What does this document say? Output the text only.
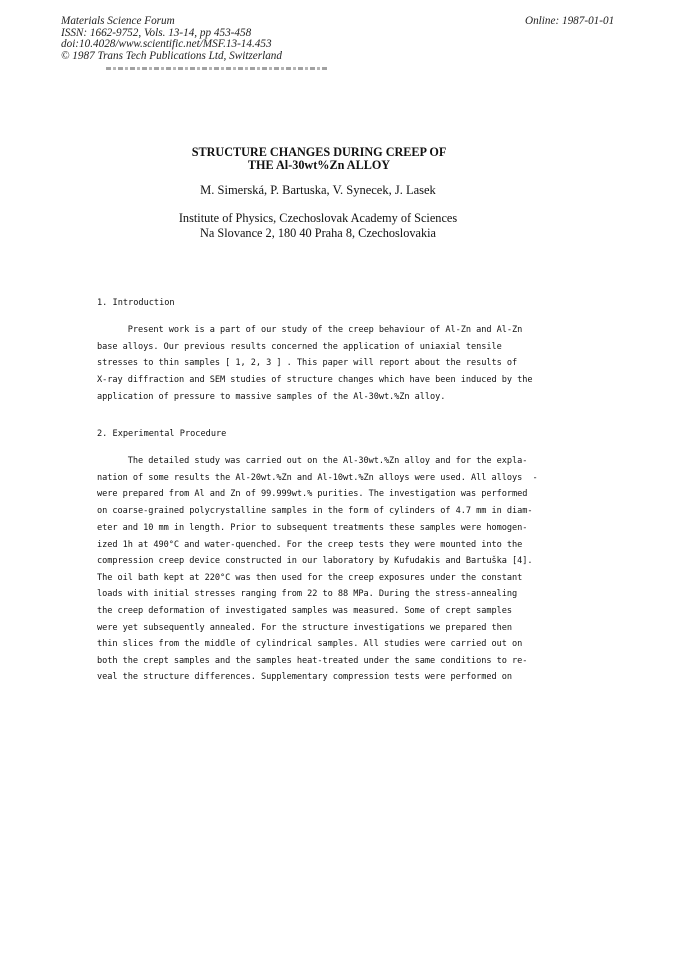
Materials Science Forum
ISSN: 1662-9752, Vols. 13-14, pp 453-458
doi:10.4028/www.scientific.net/MSF.13-14.453
© 1987 Trans Tech Publications Ltd, Switzerland
Online: 1987-01-01
STRUCTURE CHANGES DURING CREEP OF
THE Al-30wt%Zn ALLOY
M. Simerská, P. Bartuska, V. Synecek, J. Lasek
Institute of Physics, Czechoslovak Academy of Sciences
Na Slovance 2, 180 40 Praha 8, Czechoslovakia
1. Introduction
Present work is a part of our study of the creep behaviour of Al-Zn and Al-Zn
base alloys. Our previous results concerned the application of uniaxial tensile
stresses to thin samples [ 1, 2, 3 ] . This paper will report about the results of
X-ray diffraction and SEM studies of structure changes which have been induced by the
application of pressure to massive samples of the Al-30wt.%Zn alloy.
2. Experimental Procedure
The detailed study was carried out on the Al-30wt.%Zn alloy and for the expla-
nation of some results the Al-20wt.%Zn and Al-10wt.%Zn alloys were used. All alloys  -
were prepared from Al and Zn of 99.999wt.% purities. The investigation was performed
on coarse-grained polycrystalline samples in the form of cylinders of 4.7 mm in diam-
eter and 10 mm in length. Prior to subsequent treatments these samples were homogen-
ized 1h at 490°C and water-quenched. For the creep tests they were mounted into the
compression creep device constructed in our laboratory by Kufudakis and Bartuška [4].
The oil bath kept at 220°C was then used for the creep exposures under the constant
loads with initial stresses ranging from 22 to 88 MPa. During the stress-annealing
the creep deformation of investigated samples was measured. Some of crept samples
were yet subsequently annealed. For the structure investigations we prepared then
thin slices from the middle of cylindrical samples. All studies were carried out on
both the crept samples and the samples heat-treated under the same conditions to re-
veal the structure differences. Supplementary compression tests were performed on
